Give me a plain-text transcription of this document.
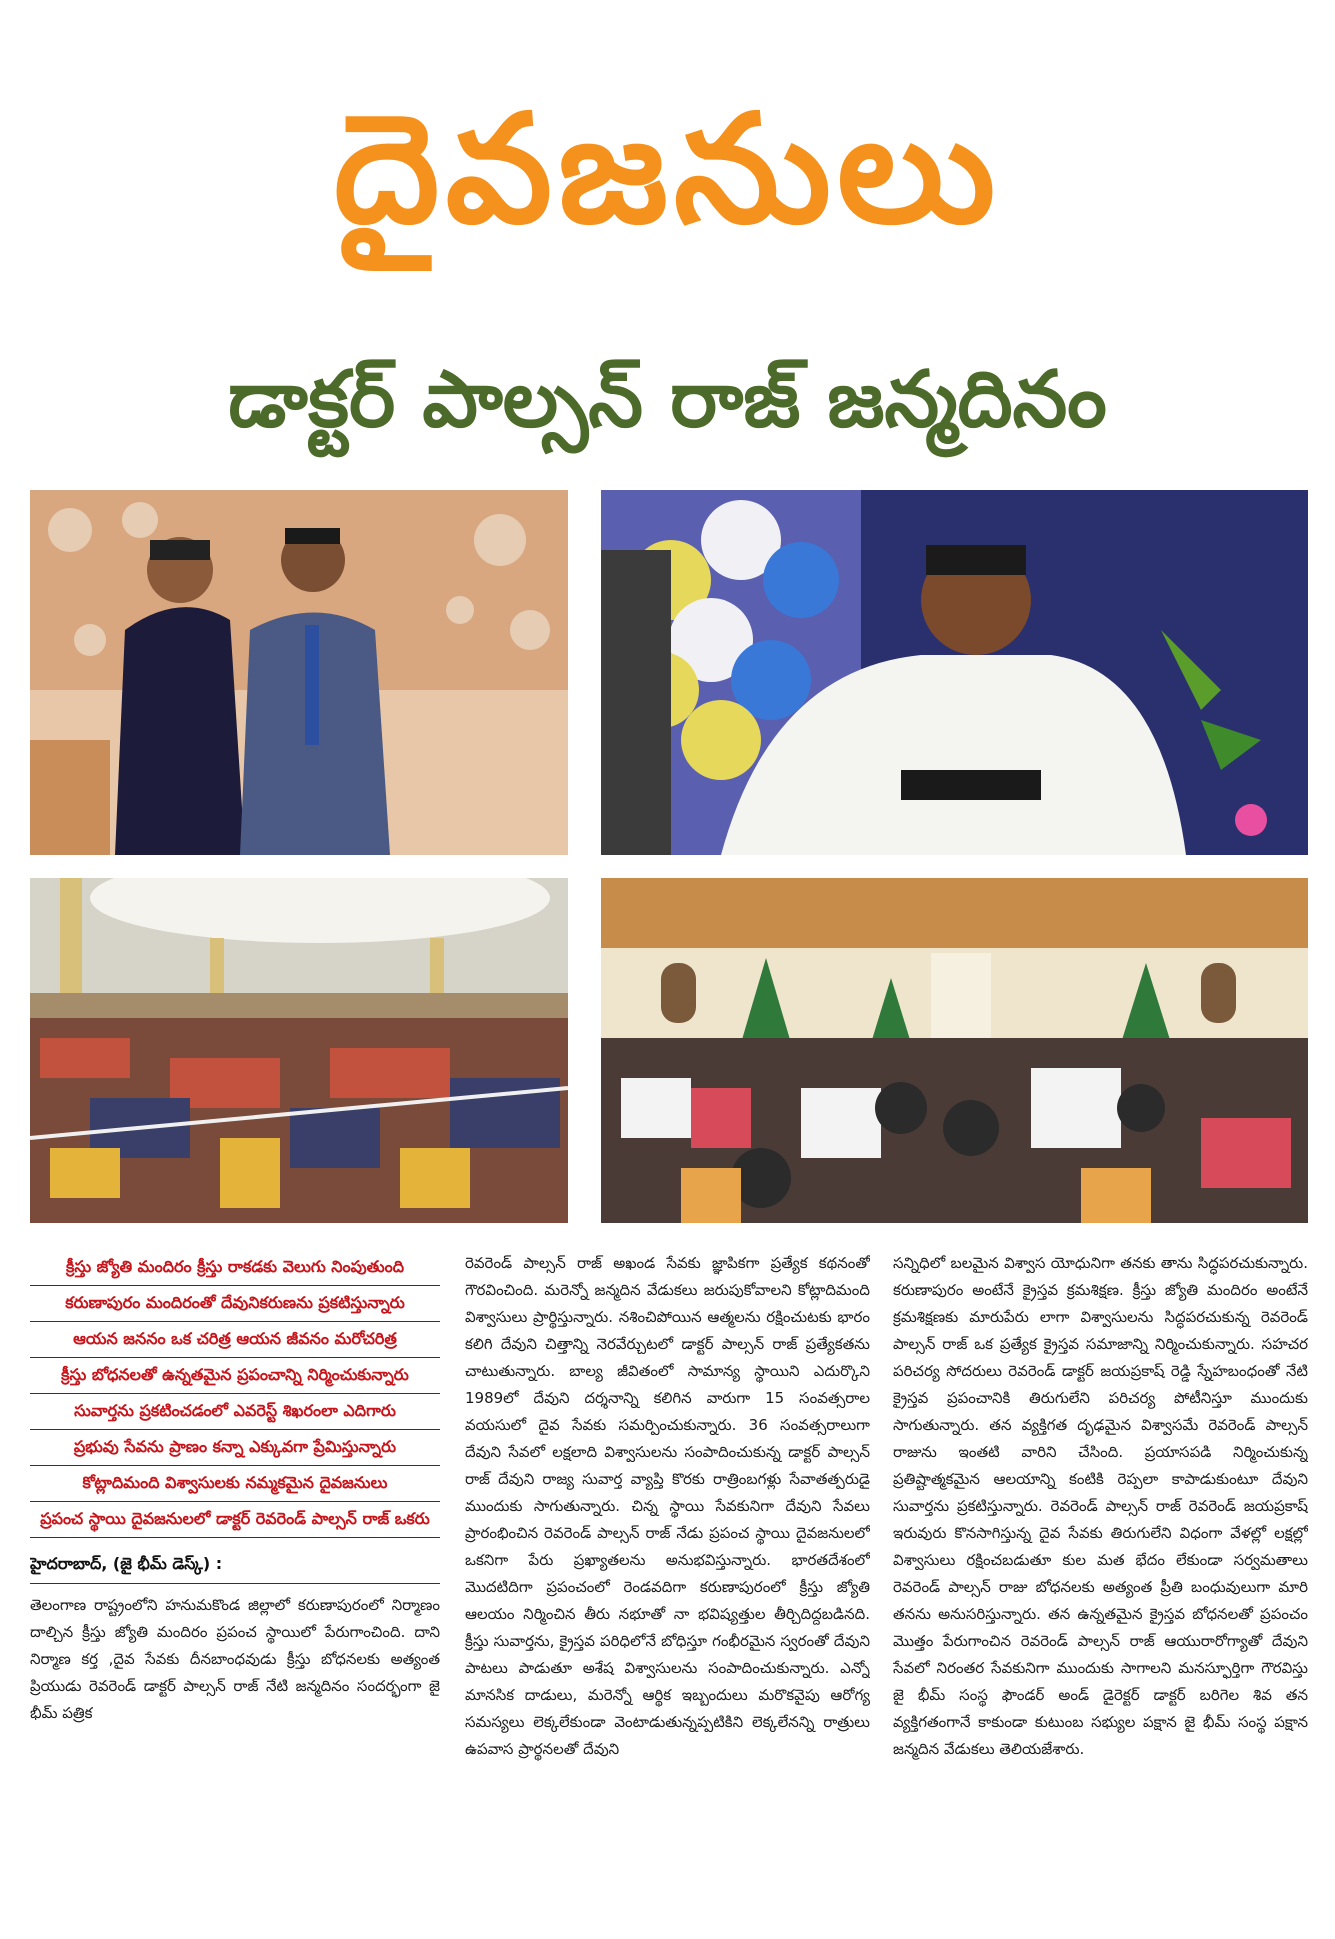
దైవజనులు
డాక్టర్ పాల్సన్ రాజ్ జన్మదినం
క్రీస్తు జ్యోతి మందిరం క్రీస్తు రాకడకు వెలుగు నింపుతుంది
కరుణాపురం మందిరంతో దేవునికరుణను ప్రకటిస్తున్నారు
ఆయన జననం ఒక చరిత్ర ఆయన జీవనం మరోచరిత్ర
క్రీస్తు బోధనలతో ఉన్నతమైన ప్రపంచాన్ని నిర్మించుకున్నారు
సువార్తను ప్రకటించడంలో ఎవరెస్ట్ శిఖరంలా ఎదిగారు
ప్రభువు సేవను ప్రాణం కన్నా ఎక్కువగా ప్రేమిస్తున్నారు
కోట్లాదిమంది విశ్వాసులకు నమ్మకమైన దైవజనులు
ప్రపంచ స్థాయి దైవజనులలో డాక్టర్ రెవరెండ్ పాల్సన్ రాజ్ ఒకరు
హైదరాబాద్, (జై భీమ్ డెస్క్) :

తెలంగాణ రాష్ట్రంలోని హనుమకొండ జిల్లాలో కరుణాపురంలో నిర్మాణం దాల్చిన క్రీస్తు జ్యోతి మందిరం ప్రపంచ స్థాయిలో పేరుగాంచింది. దాని నిర్మాణ కర్త ,దైవ సేవకు దీనబాంధవుడు క్రీస్తు బోధనలకు అత్యంత ప్రియుడు రెవరెండ్ డాక్టర్ పాల్సన్ రాజ్ నేటి జన్మదినం సందర్భంగా జై భీమ్ పత్రిక

రెవరెండ్ పాల్సన్ రాజ్ అఖండ సేవకు జ్ఞాపికగా ప్రత్యేక కథనంతో గౌరవించింది. మరెన్నో జన్మదిన వేడుకలు జరుపుకోవాలని కోట్లాదిమంది విశ్వాసులు ప్రార్థిస్తున్నారు. నశించిపోయిన ఆత్మలను రక్షించుటకు భారం కలిగి దేవుని చిత్తాన్ని నెరవేర్చుటలో డాక్టర్ పాల్సన్ రాజ్ ప్రత్యేకతను చాటుతున్నారు. బాల్య జీవితంలో సామాన్య స్థాయిని ఎదుర్కొని 1989లో దేవుని దర్శనాన్ని కలిగిన వారుగా 15 సంవత్సరాల వయసులో దైవ సేవకు సమర్పించుకున్నారు. 36 సంవత్సరాలుగా దేవుని సేవలో లక్షలాది విశ్వాసులను సంపాదించుకున్న డాక్టర్ పాల్సన్ రాజ్ దేవుని రాజ్య సువార్త వ్యాప్తి కొరకు రాత్రింబగళ్లు సేవాతత్పరుడై ముందుకు సాగుతున్నారు. చిన్న స్థాయి సేవకునిగా దేవుని సేవలు ప్రారంభించిన రెవరెండ్ పాల్సన్ రాజ్ నేడు ప్రపంచ స్థాయి దైవజనులలో ఒకనిగా పేరు ప్రఖ్యాతలను అనుభవిస్తున్నారు. భారతదేశంలో మొదటిదిగా ప్రపంచంలో రెండవదిగా కరుణాపురంలో క్రీస్తు జ్యోతి ఆలయం నిర్మించిన తీరు నభూతో నా భవిష్యత్తుల తీర్చిదిద్దబడినది. క్రీస్తు సువార్తను, క్రైస్తవ పరిధిలోనే బోధిస్తూ గంభీరమైన స్వరంతో దేవుని పాటలు పాడుతూ అశేష విశ్వాసులను సంపాదించుకున్నారు. ఎన్నో మానసిక దాడులు, మరెన్నో ఆర్థిక ఇబ్బందులు మరొకవైపు ఆరోగ్య సమస్యలు లెక్కలేకుండా వెంటాడుతున్నప్పటికిని లెక్కలేనన్ని రాత్రులు ఉపవాస ప్రార్థనలతో దేవుని

సన్నిధిలో బలమైన విశ్వాస యోధునిగా తనకు తాను సిద్ధపరచుకున్నారు. కరుణాపురం అంటేనే క్రైస్తవ క్రమశిక్షణ. క్రీస్తు జ్యోతి మందిరం అంటేనే క్రమశిక్షణకు మారుపేరు లాగా విశ్వాసులను సిద్ధపరచుకున్న రెవరెండ్ పాల్సన్ రాజ్ ఒక ప్రత్యేక క్రైస్తవ సమాజాన్ని నిర్మించుకున్నారు. సహచర పరిచర్య సోదరులు రెవరెండ్ డాక్టర్ జయప్రకాష్ రెడ్డి స్నేహబంధంతో నేటి క్రైస్తవ ప్రపంచానికి తిరుగులేని పరిచర్య పోటీనిస్తూ ముందుకు సాగుతున్నారు. తన వ్యక్తిగత దృఢమైన విశ్వాసమే రెవరెండ్ పాల్సన్ రాజును ఇంతటి వారిని చేసింది. ప్రయాసపడి నిర్మించుకున్న ప్రతిష్టాత్మకమైన ఆలయాన్ని కంటికి రెప్పలా కాపాడుకుంటూ దేవుని సువార్తను ప్రకటిస్తున్నారు. రెవరెండ్ పాల్సన్ రాజ్ రెవరెండ్ జయప్రకాష్ ఇరువురు కొనసాగిస్తున్న దైవ సేవకు తిరుగులేని విధంగా వేళల్లో లక్షల్లో విశ్వాసులు రక్షించబడుతూ కుల మత భేదం లేకుండా సర్వమతాలు రెవరెండ్ పాల్సన్ రాజు బోధనలకు అత్యంత ప్రీతి బంధువులుగా మారి తనను అనుసరిస్తున్నారు. తన ఉన్నతమైన క్రైస్తవ బోధనలతో ప్రపంచం మొత్తం పేరుగాంచిన రెవరెండ్ పాల్సన్ రాజ్ ఆయురారోగ్యాతో దేవుని సేవలో నిరంతర సేవకునిగా ముందుకు సాగాలని మనస్ఫూర్తిగా గౌరవిస్తు జై భీమ్ సంస్థ ఫౌండర్ అండ్ డైరెక్టర్ డాక్టర్ బరిగెల శివ తన వ్యక్తిగతంగానే కాకుండా కుటుంబ సభ్యుల పక్షాన జై భీమ్ సంస్థ పక్షాన జన్మదిన వేడుకలు తెలియజేశారు.
